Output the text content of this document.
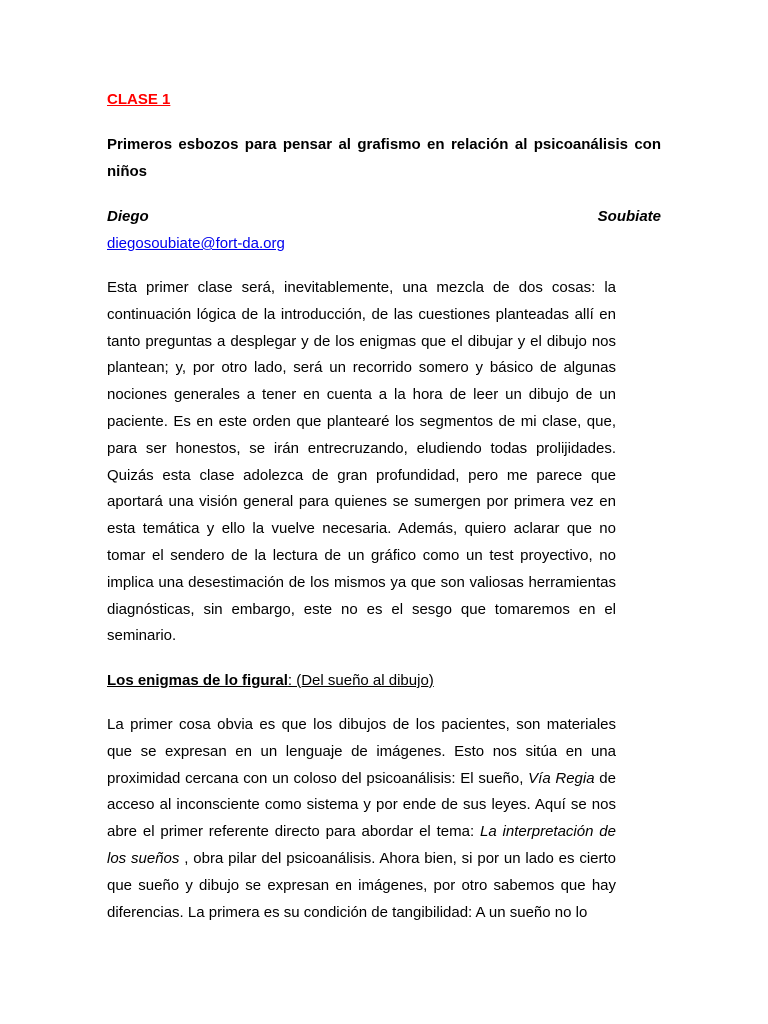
CLASE 1
Primeros esbozos para pensar al grafismo en relación al psicoanálisis con niños
Diego	Soubiate
diegosoubiate@fort-da.org

Esta primer clase será, inevitablemente, una mezcla de dos cosas: la continuación lógica de la introducción, de las cuestiones planteadas allí en tanto preguntas a desplegar y de los enigmas que el dibujar y el dibujo nos plantean; y, por otro lado, será un recorrido somero y básico de algunas nociones generales a tener en cuenta a la hora de leer un dibujo de un paciente. Es en este orden que plantearé los segmentos de mi clase, que, para ser honestos, se irán entrecruzando, eludiendo todas prolijidades. Quizás esta clase adolezca de gran profundidad, pero me parece que aportará una visión general para quienes se sumergen por primera vez en esta temática y ello la vuelve necesaria. Además, quiero aclarar que no tomar el sendero de la lectura de un gráfico como un test proyectivo, no implica una desestimación de los mismos ya que son valiosas herramientas diagnósticas, sin embargo, este no es el sesgo que tomaremos en el seminario.

Los enigmas de lo figural: (Del sueño al dibujo)

La primer cosa obvia es que los dibujos de los pacientes, son materiales que se expresan en un lenguaje de imágenes. Esto nos sitúa en una proximidad cercana con un coloso del psicoanálisis: El sueño, Vía Regia de acceso al inconsciente como sistema y por ende de sus leyes. Aquí se nos abre el primer referente directo para abordar el tema: La interpretación de los sueños , obra pilar del psicoanálisis. Ahora bien, si por un lado es cierto que sueño y dibujo se expresan en imágenes, por otro sabemos que hay diferencias. La primera es su condición de tangibilidad: A un sueño no lo
